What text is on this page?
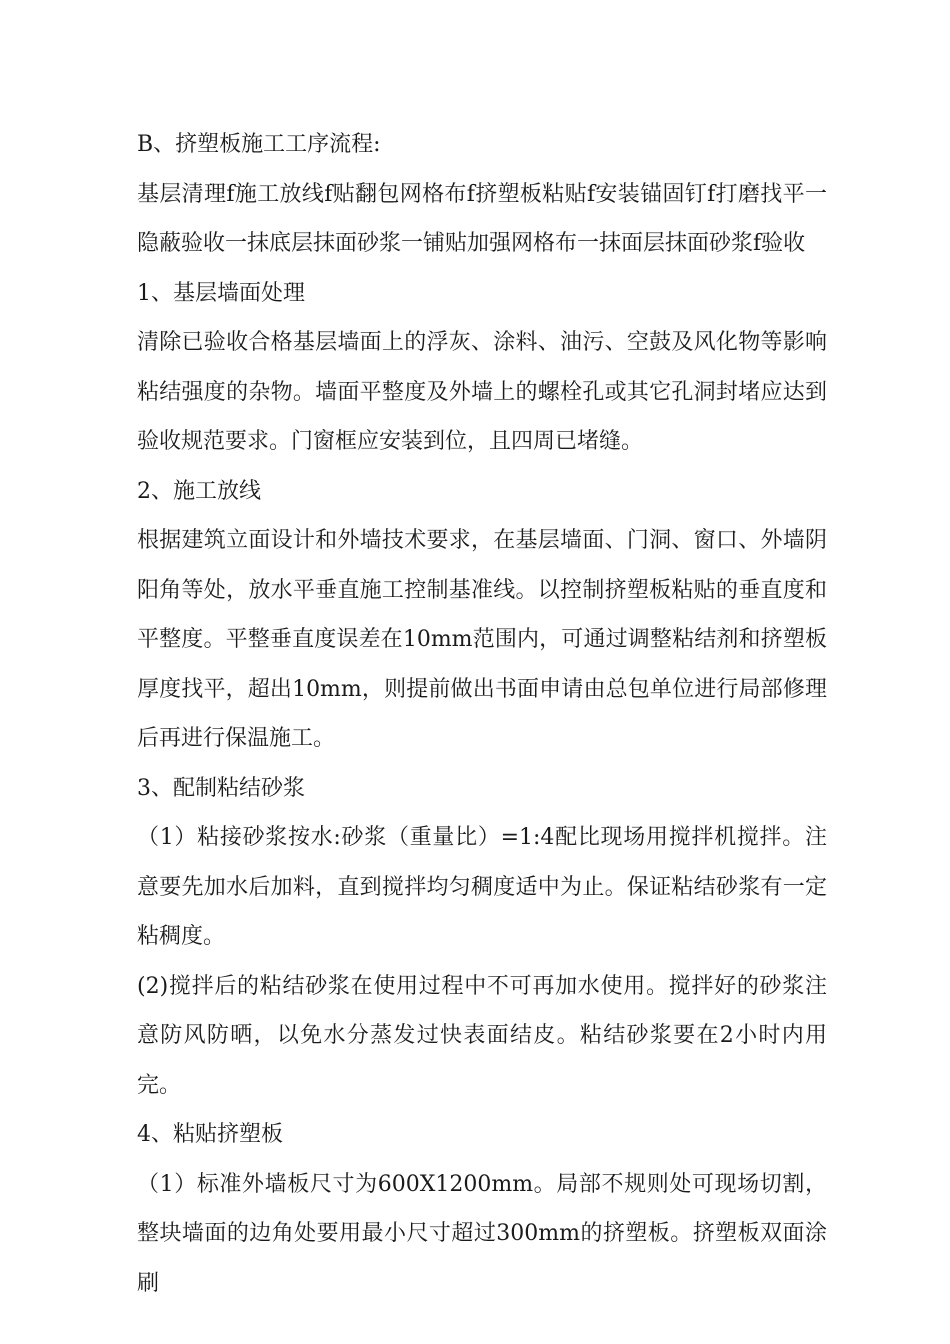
B、挤塑板施工工序流程:

基层清理f施工放线f贴翻包网格布f挤塑板粘贴f安装锚固钉f打磨找平一隐蔽验收一抹底层抹面砂浆一铺贴加强网格布一抹面层抹面砂浆f验收

1、基层墙面处理

清除已验收合格基层墙面上的浮灰、涂料、油污、空鼓及风化物等影响粘结强度的杂物。墙面平整度及外墙上的螺栓孔或其它孔洞封堵应达到验收规范要求。门窗框应安装到位，且四周已堵缝。

2、施工放线

根据建筑立面设计和外墙技术要求，在基层墙面、门洞、窗口、外墙阴阳角等处，放水平垂直施工控制基准线。以控制挤塑板粘贴的垂直度和平整度。平整垂直度误差在10mm范围内，可通过调整粘结剂和挤塑板厚度找平，超出10mm，则提前做出书面申请由总包单位进行局部修理后再进行保温施工。

3、配制粘结砂浆

（1）粘接砂浆按水:砂浆（重量比）=1:4配比现场用搅拌机搅拌。注意要先加水后加料，直到搅拌均匀稠度适中为止。保证粘结砂浆有一定粘稠度。

(2)搅拌后的粘结砂浆在使用过程中不可再加水使用。搅拌好的砂浆注意防风防晒，以免水分蒸发过快表面结皮。粘结砂浆要在2小时内用完。

4、粘贴挤塑板

（1）标准外墙板尺寸为600X1200mm。局部不规则处可现场切割，整块墙面的边角处要用最小尺寸超过300mm的挤塑板。挤塑板双面涂刷
